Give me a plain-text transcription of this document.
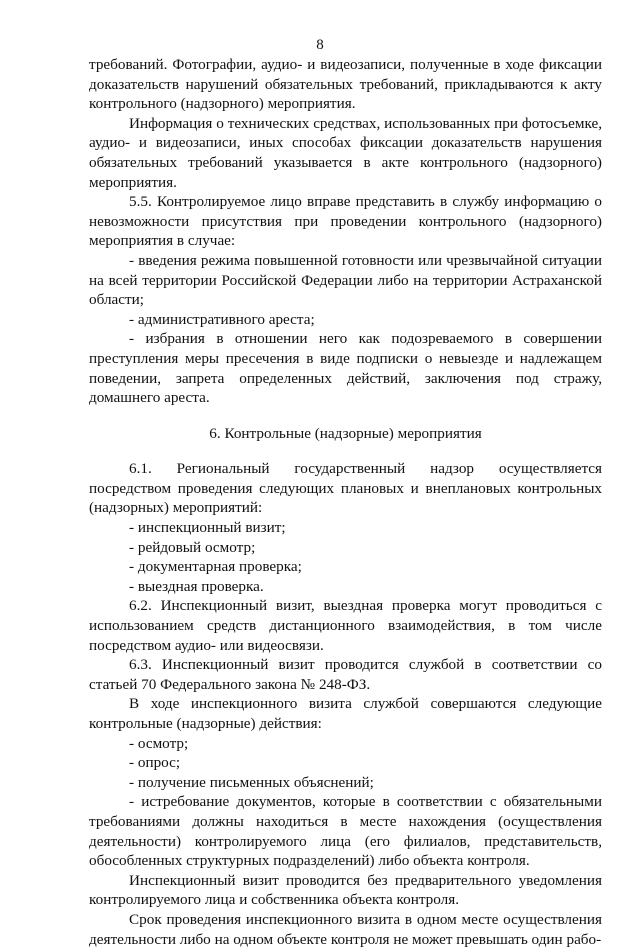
8

требований. Фотографии, аудио- и видеозаписи, полученные в ходе фиксации доказательств нарушений обязательных требований, прикладываются к акту контрольного (надзорного) мероприятия.

Информация о технических средствах, использованных при фотосъемке, аудио- и видеозаписи, иных способах фиксации доказательств нарушения обязательных требований указывается в акте контрольного (надзорного) мероприятия.

5.5. Контролируемое лицо вправе представить в службу информацию о невозможности присутствия при проведении контрольного (надзорного) мероприятия в случае:

- введения режима повышенной готовности или чрезвычайной ситуации на всей территории Российской Федерации либо на территории Астраханской области;

- административного ареста;

- избрания в отношении него как подозреваемого в совершении преступления меры пресечения в виде подписки о невыезде и надлежащем поведении, запрета определенных действий, заключения под стражу, домашнего ареста.

6. Контрольные (надзорные) мероприятия

6.1. Региональный государственный надзор осуществляется посредством проведения следующих плановых и внеплановых контрольных (надзорных) мероприятий:

- инспекционный визит;

- рейдовый осмотр;

- документарная проверка;

- выездная проверка.

6.2. Инспекционный визит, выездная проверка могут проводиться с использованием средств дистанционного взаимодействия, в том числе посредством аудио- или видеосвязи.

6.3. Инспекционный визит проводится службой в соответствии со статьей 70 Федерального закона № 248-ФЗ.

В ходе инспекционного визита службой совершаются следующие контрольные (надзорные) действия:

- осмотр;

- опрос;

- получение письменных объяснений;

- истребование документов, которые в соответствии с обязательными требованиями должны находиться в месте нахождения (осуществления деятельности) контролируемого лица (его филиалов, представительств, обособленных структурных подразделений) либо объекта контроля.

Инспекционный визит проводится без предварительного уведомления контролируемого лица и собственника объекта контроля.

Срок проведения инспекционного визита в одном месте осуществления деятельности либо на одном объекте контроля не может превышать один рабо-
